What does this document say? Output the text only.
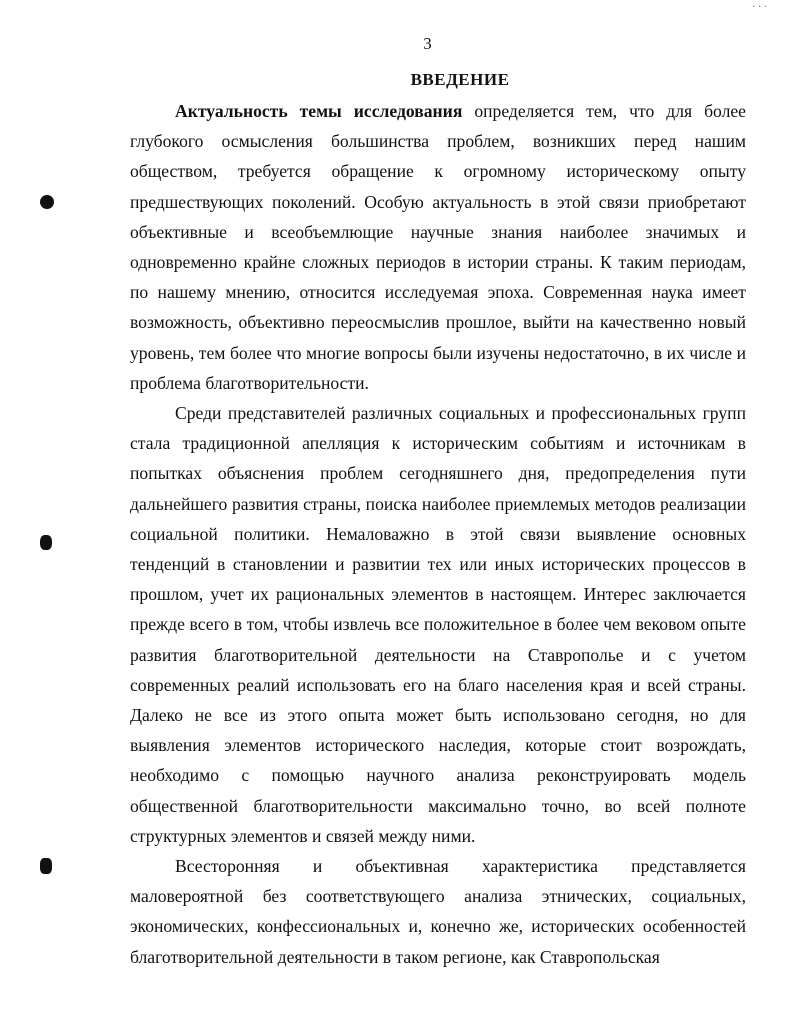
3
ВВЕДЕНИЕ

Актуальность темы исследования определяется тем, что для более глубокого осмысления большинства проблем, возникших перед нашим обществом, требуется обращение к огромному историческому опыту предшествующих поколений. Особую актуальность в этой связи приобретают объективные и всеобъемлющие научные знания наиболее значимых и одновременно крайне сложных периодов в истории страны. К таким периодам, по нашему мнению, относится исследуемая эпоха. Современная наука имеет возможность, объективно переосмыслив прошлое, выйти на качественно новый уровень, тем более что многие вопросы были изучены недостаточно, в их числе и проблема благотворительности.

Среди представителей различных социальных и профессиональных групп стала традиционной апелляция к историческим событиям и источникам в попытках объяснения проблем сегодняшнего дня, предопределения пути дальнейшего развития страны, поиска наиболее приемлемых методов реализации социальной политики. Немаловажно в этой связи выявление основных тенденций в становлении и развитии тех или иных исторических процессов в прошлом, учет их рациональных элементов в настоящем. Интерес заключается прежде всего в том, чтобы извлечь все положительное в более чем вековом опыте развития благотворительной деятельности на Ставрополье и с учетом современных реалий использовать его на благо населения края и всей страны. Далеко не все из этого опыта может быть использовано сегодня, но для выявления элементов исторического наследия, которые стоит возрождать, необходимо с помощью научного анализа реконструировать модель общественной благотворительности максимально точно, во всей полноте структурных элементов и связей между ними.

Всесторонняя и объективная характеристика представляется маловероятной без соответствующего анализа этнических, социальных, экономических, конфессиональных и, конечно же, исторических особенностей благотворительной деятельности в таком регионе, как Ставропольская

· · ·
